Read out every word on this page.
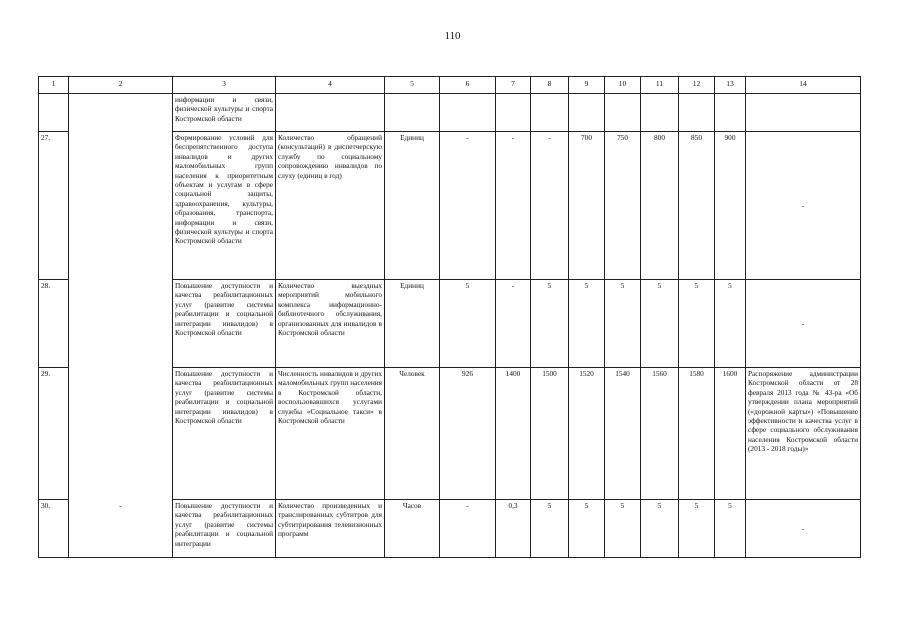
110
1	2	3	4	5	6	7	8	9	10	11	12	13	14

	-	информации и связи, физической культуры и спорта Костромской области											
27.		Формирование условий для беспрепятственного доступа инвалидов и других маломобильных групп населения к приоритетным объектам и услугам в сфере социальной защиты, здравоохранения, культуры, образования, транспорта, информации и связи, физической культуры и спорта Костромской области	Количество обращений (консультаций) в диспетчерскую службу по социальному сопровождению инвалидов по слуху (единиц в год)	Единиц	-	-	-	700	750	800	850	900	-
28.		Повышение доступности и качества реабилитационных услуг (развитие системы реабилитации и социальной интеграции инвалидов) в Костромской области	Количество выездных мероприятий мобильного комплекса информационно-библиотечного обслуживания, организованных для инвалидов в Костромской области	Единиц	5	-	5	5	5	5	5	5	-
29.		Повышение доступности и качества реабилитационных услуг (развитие системы реабилитации и социальной интеграции инвалидов) в Костромской области	Численность инвалидов и других маломобильных групп населения в Костромской области, воспользовавшихся услугами службы «Социальное такси» в Костромской области	Человек	926	1400	1500	1520	1540	1560	1580	1600	Распоряжение администрации Костромской области от 28 февраля 2013 года № 43-ра «Об утверждении плана мероприятий («дорожной карты») «Повышение эффективности и качества услуг в сфере социального обслуживания населения Костромской области (2013 - 2018 годы)»
30.		Повышение доступности и качества реабилитационных услуг (развитие системы реабилитации и социальной интеграции	Количество произведенных и транслированных субтитров для субтитрирования телевизионных программ	Часов	-	0,3	5	5	5	5	5	5	-
